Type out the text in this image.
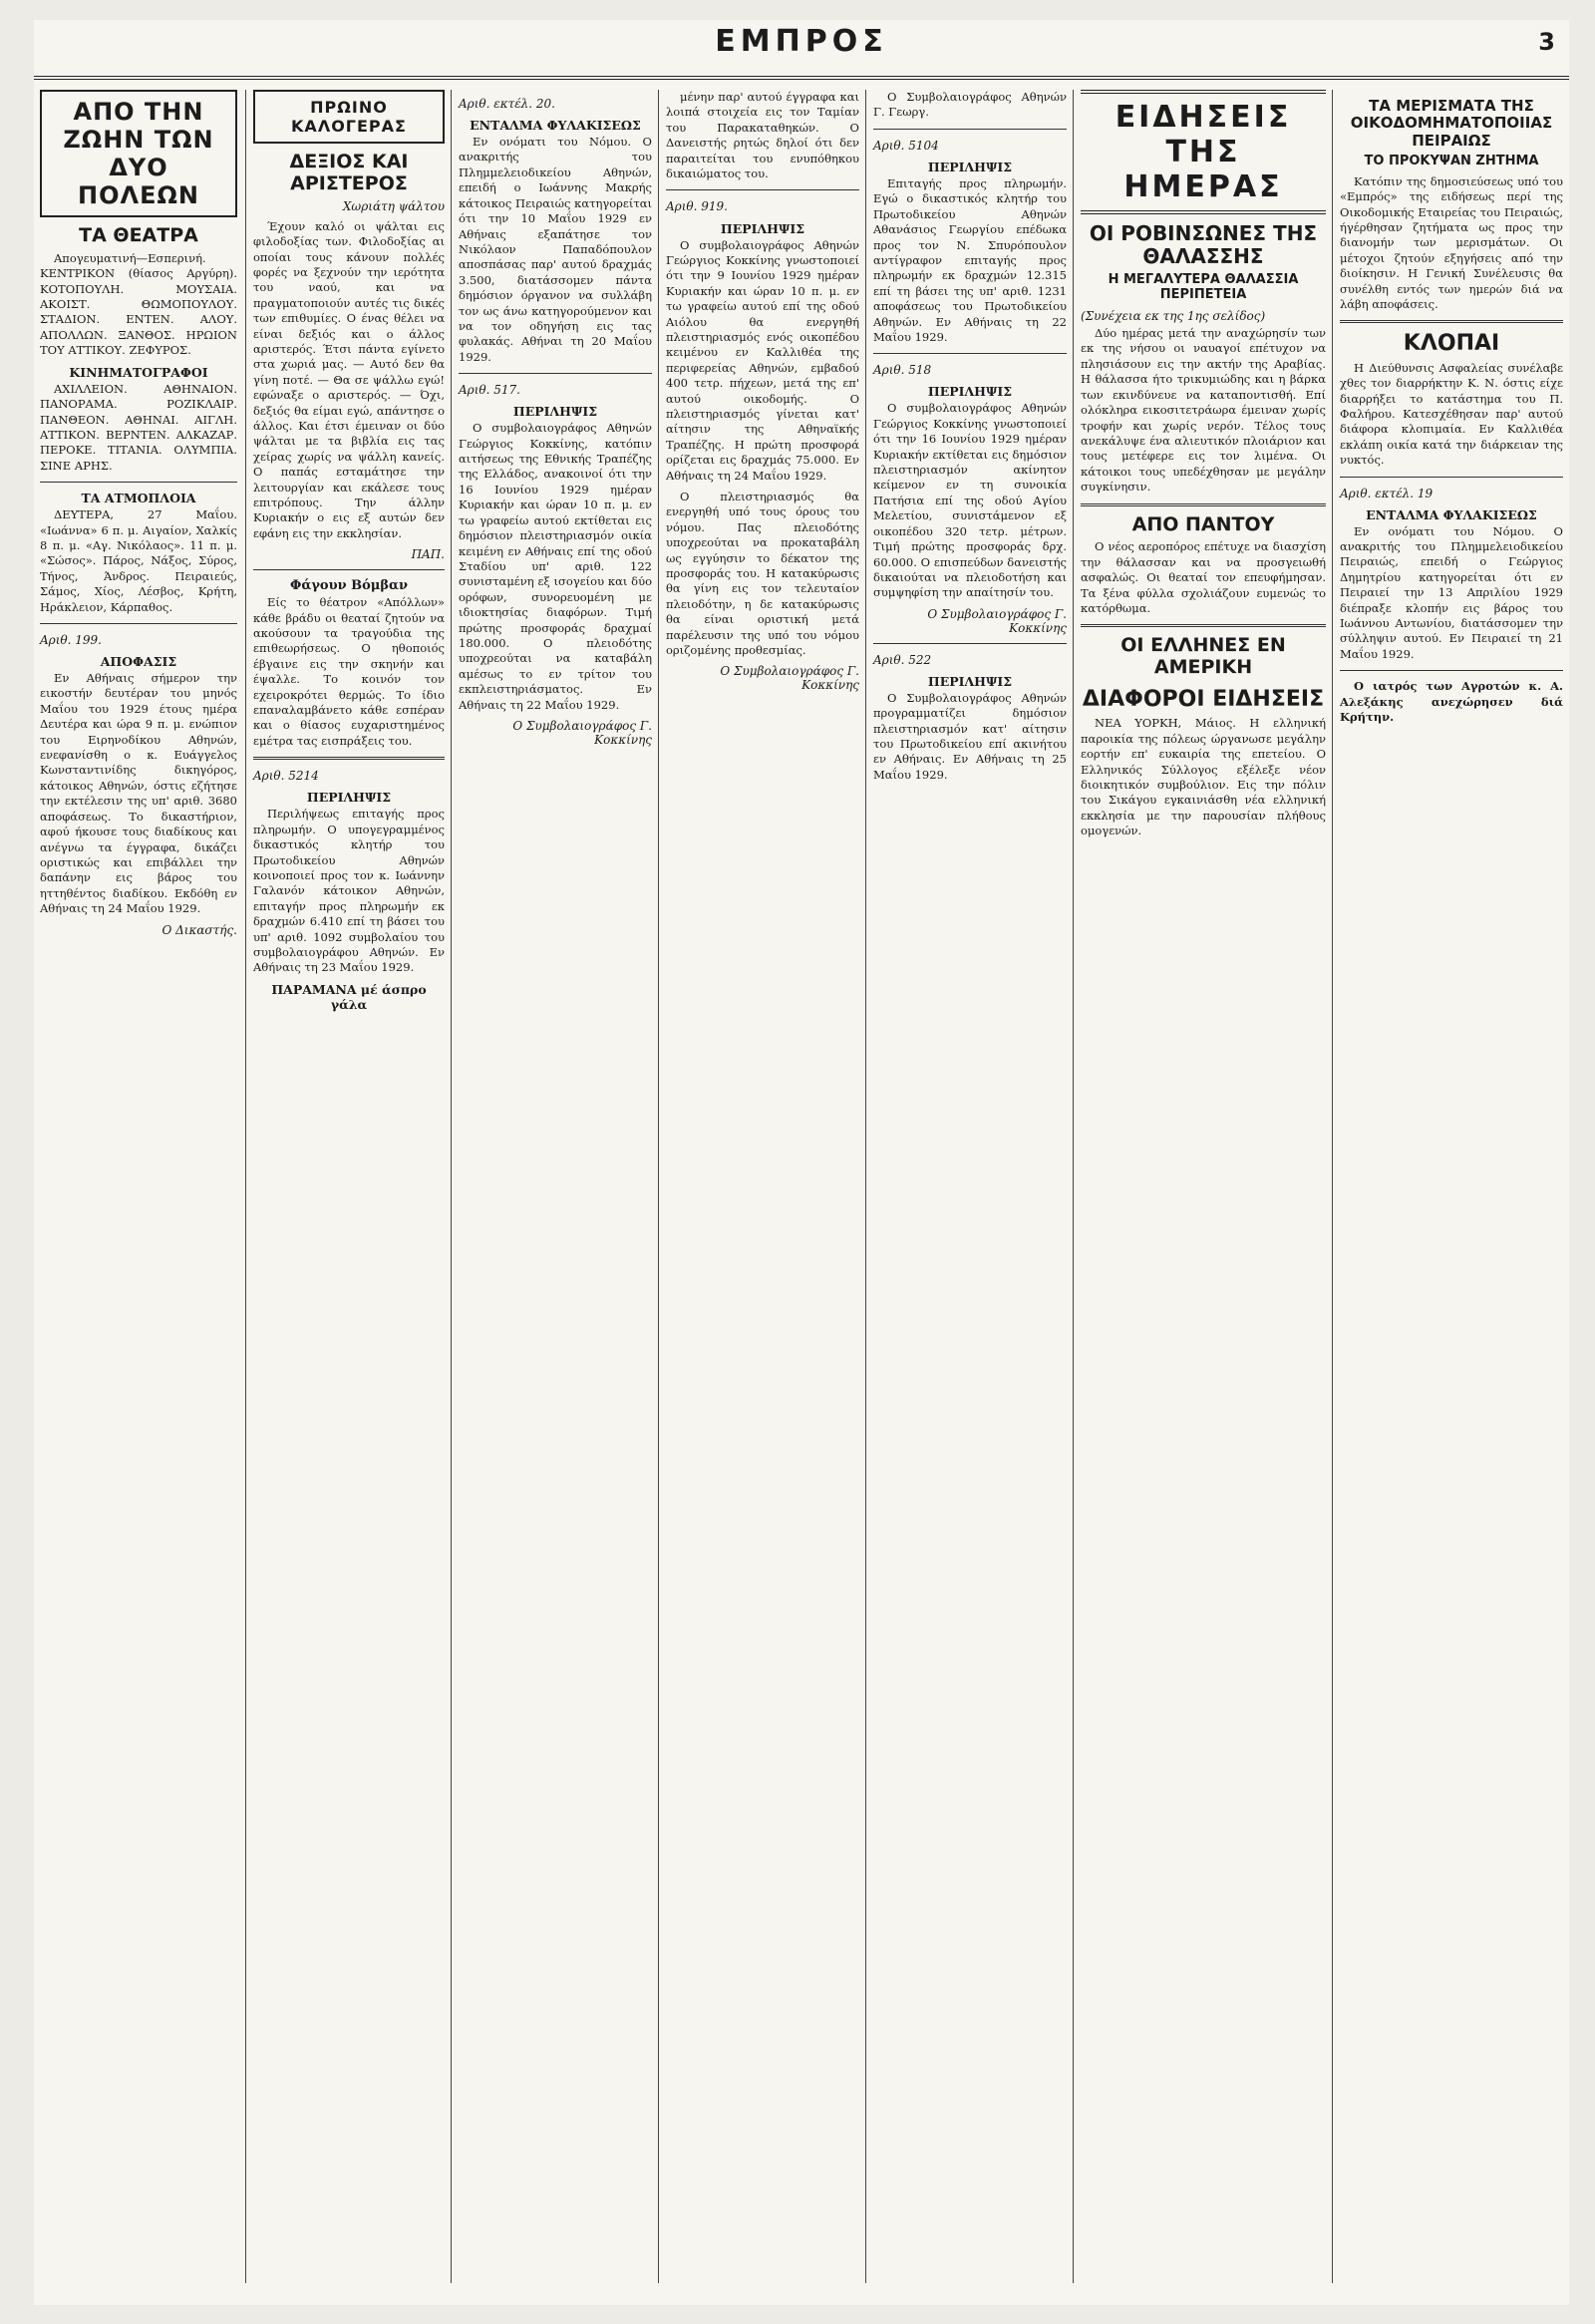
ΕΜΠΡΟΣ	3
ΑΠΟ ΤΗΝ ΖΩΗΝ ΤΩΝ ΔΥΟ ΠΟΛΕΩΝ
ΤΑ ΘΕΑΤΡΑ

Απογευματινή—Εσπερινή. ΚΕΝΤΡΙΚΟΝ (θίασος Αργύρη). ΚΟΤΟΠΟΥΛΗ. ΜΟΥΣΑΙΑ. ΑΚΟΙΣΤ. ΘΩΜΟΠΟΥΛΟΥ. ΣΤΑΔΙΟΝ. ΕΝΤΕΝ. ΑΛΟΥ. ΑΠΟΛΛΩΝ. ΞΑΝΘΟΣ. ΗΡΩΙΟΝ ΤΟΥ ΑΤΤΙΚΟΥ. ΖΕΦΥΡΟΣ.

ΚΙΝΗΜΑΤΟΓΡΑΦΟΙ

ΑΧΙΛΛΕΙΟΝ. ΑΘΗΝΑΙΟΝ. ΠΑΝΟΡΑΜΑ. ΡΟΖΙΚΛΑΙΡ. ΠΑΝΘΕΟΝ. ΑΘΗΝΑΙ. ΑΙΓΛΗ. ΑΤΤΙΚΟΝ. ΒΕΡΝΤΕΝ. ΑΛΚΑΖΑΡ. ΠΕΡΟΚΕ. ΤΙΤΑΝΙΑ. ΟΛΥΜΠΙΑ. ΣΙΝΕ ΑΡΗΣ.

ΤΑ ΑΤΜΟΠΛΟΙΑ

ΔΕΥΤΕΡΑ, 27 Μαΐου. «Ιωάννα» 6 π. μ. Αιγαίον, Χαλκίς 8 π. μ. «Αγ. Νικόλαος». 11 π. μ. «Σώσος». Πάρος, Νάξος, Σύρος, Τήνος, Άνδρος. Πειραιεύς, Σάμος, Χίος, Λέσβος, Κρήτη, Ηράκλειον, Κάρπαθος.

Αριθ. 199.

ΑΠΟΦΑΣΙΣ

Εν Αθήναις σήμερον την εικοστήν δευτέραν του μηνός Μαΐου του 1929 έτους ημέρα Δευτέρα και ώρα 9 π. μ. ενώπιον του Ειρηνοδίκου Αθηνών, ενεφανίσθη ο κ. Ευάγγελος Κωνσταντινίδης δικηγόρος, κάτοικος Αθηνών, όστις εζήτησε την εκτέλεσιν της υπ' αριθ. 3680 αποφάσεως. Το δικαστήριον, αφού ήκουσε τους διαδίκους και ανέγνω τα έγγραφα, δικάζει οριστικώς και επιβάλλει την δαπάνην εις βάρος του ηττηθέντος διαδίκου. Εκδόθη εν Αθήναις τη 24 Μαΐου 1929.

Ο Δικαστής.
ΠΡΩΙΝΟ ΚΑΛΟΓΕΡΑΣ
ΔΕΞΙΟΣ ΚΑΙ ΑΡΙΣΤΕΡΟΣ
Χωριάτη ψάλτου

Έχουν καλό οι ψάλται εις φιλοδοξίας των. Φιλοδοξίας αι οποίαι τους κάνουν πολλές φορές να ξεχνούν την ιερότητα του ναού, και να πραγματοποιούν αυτές τις δικές των επιθυμίες. Ο ένας θέλει να είναι δεξιός και ο άλλος αριστερός. Έτσι πάντα εγίνετο στα χωριά μας. — Αυτό δεν θα γίνη ποτέ. — Θα σε ψάλλω εγώ! εφώναξε ο αριστερός. — Όχι, δεξιός θα είμαι εγώ, απάντησε ο άλλος. Και έτσι έμειναν οι δύο ψάλται με τα βιβλία εις τας χείρας χωρίς να ψάλλη κανείς. Ο παπάς εσταμάτησε την λειτουργίαν και εκάλεσε τους επιτρόπους. Την άλλην Κυριακήν ο εις εξ αυτών δεν εφάνη εις την εκκλησίαν.

ΠΑΠ.
Φάγουν Βόμβαν

Είς το θέατρον «Απόλλων» κάθε βράδυ οι θεαταί ζητούν να ακούσουν τα τραγούδια της επιθεωρήσεως. Ο ηθοποιός έβγαινε εις την σκηνήν και έψαλλε. Το κοινόν τον εχειροκρότει θερμώς. Το ίδιο επαναλαμβάνετο κάθε εσπέραν και ο θίασος ευχαριστημένος εμέτρα τας εισπράξεις του.

Αριθ. 5214

ΠΕΡΙΛΗΨΙΣ

Περιλήψεως επιταγής προς πληρωμήν. Ο υπογεγραμμένος δικαστικός κλητήρ του Πρωτοδικείου Αθηνών κοινοποιεί προς τον κ. Ιωάννην Γαλανόν κάτοικον Αθηνών, επιταγήν προς πληρωμήν εκ δραχμών 6.410 επί τη βάσει του υπ' αριθ. 1092 συμβολαίου του συμβολαιογράφου Αθηνών. Εν Αθήναις τη 23 Μαΐου 1929.

ΠΑΡΑΜΑΝΑ μέ άσπρο γάλα

Αριθ. εκτέλ. 20.

ΕΝΤΑΛΜΑ ΦΥΛΑΚΙΣΕΩΣ

Εν ονόματι του Νόμου. Ο ανακριτής του Πλημμελειοδικείου Αθηνών, επειδή ο Ιωάννης Μακρής κάτοικος Πειραιώς κατηγορείται ότι την 10 Μαΐου 1929 εν Αθήναις εξαπάτησε τον Νικόλαον Παπαδόπουλον αποσπάσας παρ' αυτού δραχμάς 3.500, διατάσσομεν πάντα δημόσιον όργανον να συλλάβη τον ως άνω κατηγορούμενον και να τον οδηγήση εις τας φυλακάς. Αθήναι τη 20 Μαΐου 1929.

Αριθ. 517.

ΠΕΡΙΛΗΨΙΣ

Ο συμβολαιογράφος Αθηνών Γεώργιος Κοκκίνης, κατόπιν αιτήσεως της Εθνικής Τραπέζης της Ελλάδος, ανακοινοί ότι την 16 Ιουνίου 1929 ημέραν Κυριακήν και ώραν 10 π. μ. εν τω γραφείω αυτού εκτίθεται εις δημόσιον πλειστηριασμόν οικία κειμένη εν Αθήναις επί της οδού Σταδίου υπ' αριθ. 122 συνισταμένη εξ ισογείου και δύο ορόφων, συνορευομένη με ιδιοκτησίας διαφόρων. Τιμή πρώτης προσφοράς δραχμαί 180.000. Ο πλειοδότης υποχρεούται να καταβάλη αμέσως το εν τρίτον του εκπλειστηριάσματος. Εν Αθήναις τη 22 Μαΐου 1929.

Ο Συμβολαιογράφος Γ. Κοκκίνης

μένην παρ' αυτού έγγραφα και λοιπά στοιχεία εις τον Ταμίαν του Παρακαταθηκών. Ο Δανειστής ρητώς δηλοί ότι δεν παραιτείται του ενυπόθηκου δικαιώματος του.

Αριθ. 919.

ΠΕΡΙΛΗΨΙΣ

Ο συμβολαιογράφος Αθηνών Γεώργιος Κοκκίνης γνωστοποιεί ότι την 9 Ιουνίου 1929 ημέραν Κυριακήν και ώραν 10 π. μ. εν τω γραφείω αυτού επί της οδού Αιόλου θα ενεργηθή πλειστηριασμός ενός οικοπέδου κειμένου εν Καλλιθέα της περιφερείας Αθηνών, εμβαδού 400 τετρ. πήχεων, μετά της επ' αυτού οικοδομής. Ο πλειστηριασμός γίνεται κατ' αίτησιν της Αθηναϊκής Τραπέζης. Η πρώτη προσφορά ορίζεται εις δραχμάς 75.000. Εν Αθήναις τη 24 Μαΐου 1929.

Ο πλειστηριασμός θα ενεργηθή υπό τους όρους του νόμου. Πας πλειοδότης υποχρεούται να προκαταβάλη ως εγγύησιν το δέκατον της προσφοράς του. Η κατακύρωσις θα γίνη εις τον τελευταίον πλειοδότην, η δε κατακύρωσις θα είναι οριστική μετά παρέλευσιν της υπό του νόμου οριζομένης προθεσμίας.

Ο Συμβολαιογράφος Γ. Κοκκίνης

Ο Συμβολαιογράφος Αθηνών Γ. Γεωργ.

Αριθ. 5104

ΠΕΡΙΛΗΨΙΣ

Επιταγής προς πληρωμήν. Εγώ ο δικαστικός κλητήρ του Πρωτοδικείου Αθηνών Αθανάσιος Γεωργίου επέδωκα προς τον Ν. Σπυρόπουλον αντίγραφον επιταγής προς πληρωμήν εκ δραχμών 12.315 επί τη βάσει της υπ' αριθ. 1231 αποφάσεως του Πρωτοδικείου Αθηνών. Εν Αθήναις τη 22 Μαΐου 1929.

Αριθ. 518

ΠΕΡΙΛΗΨΙΣ

Ο συμβολαιογράφος Αθηνών Γεώργιος Κοκκίνης γνωστοποιεί ότι την 16 Ιουνίου 1929 ημέραν Κυριακήν εκτίθεται εις δημόσιον πλειστηριασμόν ακίνητον κείμενον εν τη συνοικία Πατήσια επί της οδού Αγίου Μελετίου, συνιστάμενον εξ οικοπέδου 320 τετρ. μέτρων. Τιμή πρώτης προσφοράς δρχ. 60.000. Ο επισπεύδων δανειστής δικαιούται να πλειοδοτήση και συμψηφίση την απαίτησίν του.

Ο Συμβολαιογράφος Γ. Κοκκίνης

Αριθ. 522

ΠΕΡΙΛΗΨΙΣ

Ο Συμβολαιογράφος Αθηνών προγραμματίζει δημόσιον πλειστηριασμόν κατ' αίτησιν του Πρωτοδικείου επί ακινήτου εν Αθήναις. Εν Αθήναις τη 25 Μαΐου 1929.

ΕΙΔΗΣΕΙΣ ΤΗΣ ΗΜΕΡΑΣ
ΟΙ ΡΟΒΙΝΣΩΝΕΣ ΤΗΣ ΘΑΛΑΣΣΗΣ
Η ΜΕΓΑΛΥΤΕΡΑ ΘΑΛΑΣΣΙΑ ΠΕΡΙΠΕΤΕΙΑ

(Συνέχεια εκ της 1ης σελίδος)

Δύο ημέρας μετά την αναχώρησίν των εκ της νήσου οι ναυαγοί επέτυχον να πλησιάσουν εις την ακτήν της Αραβίας. Η θάλασσα ήτο τρικυμιώδης και η βάρκα των εκινδύνευε να καταποντισθή. Επί ολόκληρα εικοσιτετράωρα έμειναν χωρίς τροφήν και χωρίς νερόν. Τέλος τους ανεκάλυψε ένα αλιευτικόν πλοιάριον και τους μετέφερε εις τον λιμένα. Οι κάτοικοι τους υπεδέχθησαν με μεγάλην συγκίνησιν.

ΑΠΟ ΠΑΝΤΟΥ

Ο νέος αεροπόρος επέτυχε να διασχίση την θάλασσαν και να προσγειωθή ασφαλώς. Οι θεαταί τον επευφήμησαν. Τα ξένα φύλλα σχολιάζουν ευμενώς το κατόρθωμα.

ΟΙ ΕΛΛΗΝΕΣ ΕΝ ΑΜΕΡΙΚΗ
ΔΙΑΦΟΡΟΙ ΕΙΔΗΣΕΙΣ

ΝΕΑ ΥΟΡΚΗ, Μάιος. Η ελληνική παροικία της πόλεως ώργανωσε μεγάλην εορτήν επ' ευκαιρία της επετείου. Ο Ελληνικός Σύλλογος εξέλεξε νέον διοικητικόν συμβούλιον. Εις την πόλιν του Σικάγου εγκαινιάσθη νέα ελληνική εκκλησία με την παρουσίαν πλήθους ομογενών.

ΤΑ ΜΕΡΙΣΜΑΤΑ ΤΗΣ ΟΙΚΟΔΟΜΗΜΑΤΟΠΟΙΙΑΣ ΠΕΙΡΑΙΩΣ
ΤΟ ΠΡΟΚΥΨΑΝ ΖΗΤΗΜΑ

Κατόπιν της δημοσιεύσεως υπό του «Εμπρός» της ειδήσεως περί της Οικοδομικής Εταιρείας του Πειραιώς, ήγέρθησαν ζητήματα ως προς την διανομήν των μερισμάτων. Οι μέτοχοι ζητούν εξηγήσεις από την διοίκησιν. Η Γενική Συνέλευσις θα συνέλθη εντός των ημερών διά να λάβη αποφάσεις.

ΚΛΟΠΑΙ

Η Διεύθυνσις Ασφαλείας συνέλαβε χθες τον διαρρήκτην Κ. Ν. όστις είχε διαρρήξει το κατάστημα του Π. Φαλήρου. Κατεσχέθησαν παρ' αυτού διάφορα κλοπιμαία. Εν Καλλιθέα εκλάπη οικία κατά την διάρκειαν της νυκτός.

Αριθ. εκτέλ. 19

ΕΝΤΑΛΜΑ ΦΥΛΑΚΙΣΕΩΣ

Εν ονόματι του Νόμου. Ο ανακριτής του Πλημμελειοδικείου Πειραιώς, επειδή ο Γεώργιος Δημητρίου κατηγορείται ότι εν Πειραιεί την 13 Απριλίου 1929 διέπραξε κλοπήν εις βάρος του Ιωάννου Αντωνίου, διατάσσομεν την σύλληψιν αυτού. Εν Πειραιεί τη 21 Μαΐου 1929.

Ο ιατρός των Αγροτών κ. Α. Αλεξάκης ανεχώρησεν διά Κρήτην.
